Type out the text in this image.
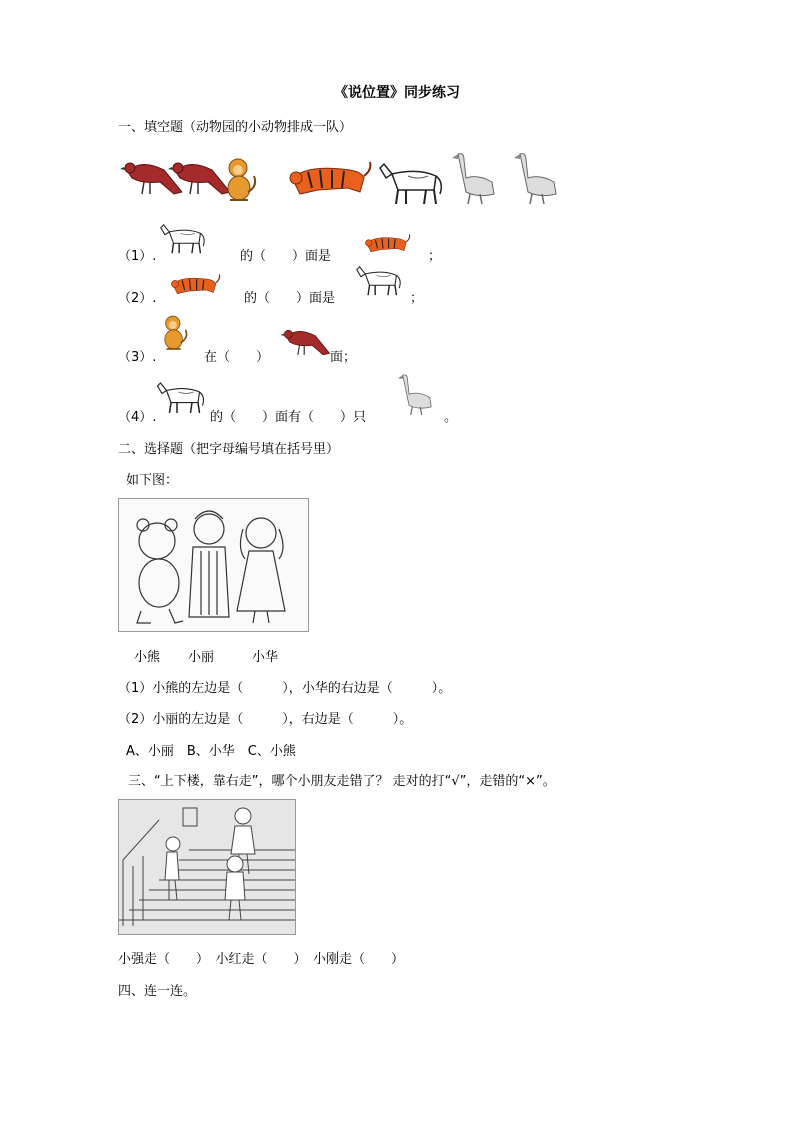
《说位置》同步练习
一、填空题（动物园的小动物排成一队）
（1）.	的（　　）面是	；
（2）.	的（　　）面是	；
（3）.	在（　　）	面；
（4）.	的（　　）面有（　　）只	。
二、选择题（把字母编号填在括号里）
如下图：
小熊 小丽	小华
（1）小熊的左边是（　　　），小华的右边是（　　　）。
（2）小丽的左边是（　　　），右边是（　　　）。
A、小丽　B、小华　C、小熊
三、“上下楼，靠右走”，哪个小朋友走错了？ 走对的打“√”，走错的“×”。
小强走（　　）　小红走（　　）　小刚走（　　）
四、连一连。
